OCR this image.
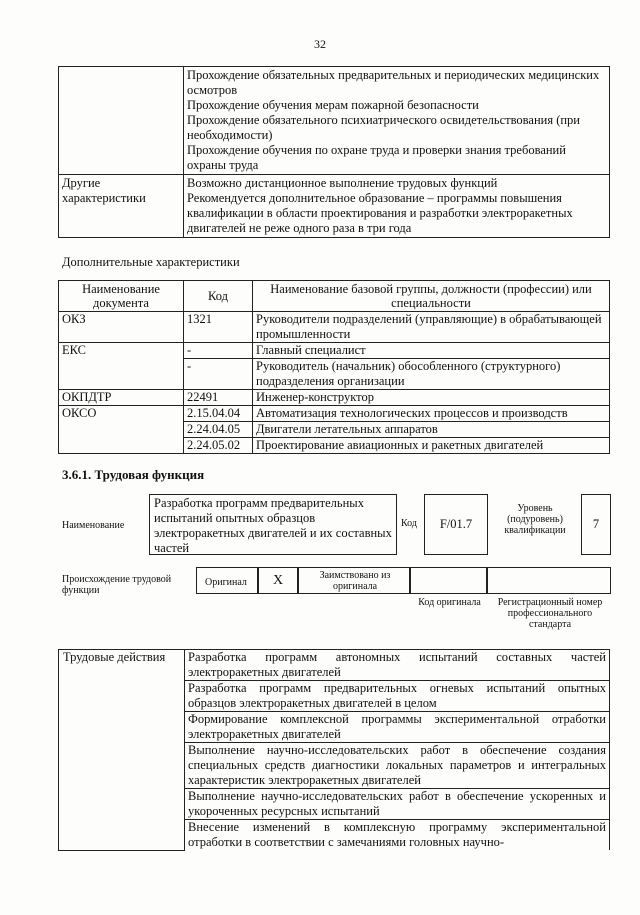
32

	Прохождение обязательных предварительных и периодических медицинских осмотров
Прохождение обучения мерам пожарной безопасности
Прохождение обязательного психиатрического освидетельствования (при необходимости)
Прохождение обучения по охране труда и проверки знания требований охраны труда

Другие характеристики	Возможно дистанционное выполнение трудовых функций
Рекомендуется дополнительное образование – программы повышения квалификации в области проектирования и разработки электроракетных двигателей не реже одного раза в три года
Дополнительные характеристики
Наименование документа	Код	Наименование базовой группы, должности (профессии) или специальности
ОКЗ	1321	Руководители подразделений (управляющие) в обрабатывающей промышленности
ЕКС	-	Главный специалист
	-	Руководитель (начальник) обособленного (структурного) подразделения организации
ОКПДТР	22491	Инженер-конструктор
ОКСО	2.15.04.04	Автоматизация технологических процессов и производств
	2.24.04.05	Двигатели летательных аппаратов
	2.24.05.02	Проектирование авиационных и ракетных двигателей
3.6.1. Трудовая функция
Наименование
Разработка программ предварительных испытаний опытных образцов электроракетных двигателей и их составных частей
Код	F/01.7
Уровень (подуровень) квалификации	7
Происхождение трудовой функции
Оригинал	X	Заимствовано из оригинала
Код оригинала	Регистрационный номер профессионального стандарта
Трудовые действия	Разработка программ автономных испытаний составных частей электроракетных двигателей
Разработка программ предварительных огневых испытаний опытных образцов электроракетных двигателей в целом
Формирование комплексной программы экспериментальной отработки электроракетных двигателей
Выполнение научно-исследовательских работ в обеспечение создания специальных средств диагностики локальных параметров и интегральных характеристик электроракетных двигателей
Выполнение научно-исследовательских работ в обеспечение ускоренных и укороченных ресурсных испытаний
Внесение изменений в комплексную программу экспериментальной отработки в соответствии с замечаниями головных научно-
